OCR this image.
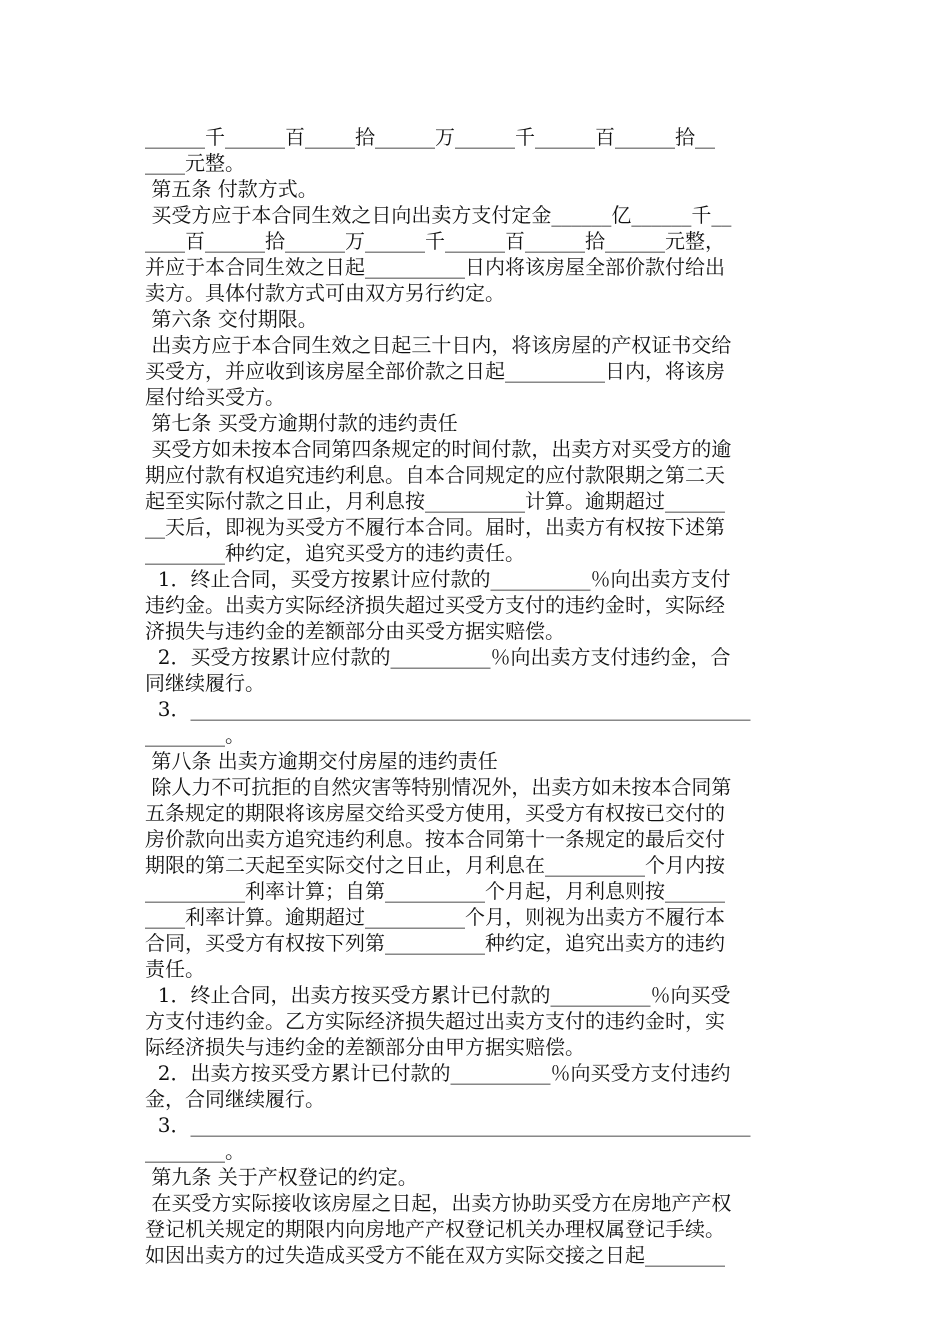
______千______百_____拾______万______千______百______拾__
____元整。
第五条 付款方式。
买受方应于本合同生效之日向出卖方支付定金______亿______千__
____百______拾______万______千______百______拾______元整，
并应于本合同生效之日起__________日内将该房屋全部价款付给出
卖方。具体付款方式可由双方另行约定。
第六条 交付期限。
出卖方应于本合同生效之日起三十日内，将该房屋的产权证书交给
买受方，并应收到该房屋全部价款之日起__________日内，将该房
屋付给买受方。
第七条 买受方逾期付款的违约责任
买受方如未按本合同第四条规定的时间付款，出卖方对买受方的逾
期应付款有权追究违约利息。自本合同规定的应付款限期之第二天
起至实际付款之日止，月利息按__________计算。逾期超过______
__天后，即视为买受方不履行本合同。届时，出卖方有权按下述第
________种约定，追究买受方的违约责任。
1．终止合同，买受方按累计应付款的__________％向出卖方支付
违约金。出卖方实际经济损失超过买受方支付的违约金时，实际经
济损失与违约金的差额部分由买受方据实赔偿。
2．买受方按累计应付款的__________％向出卖方支付违约金，合
同继续履行。
3．________________________________________________________
________。
第八条 出卖方逾期交付房屋的违约责任
除人力不可抗拒的自然灾害等特别情况外，出卖方如未按本合同第
五条规定的期限将该房屋交给买受方使用，买受方有权按已交付的
房价款向出卖方追究违约利息。按本合同第十一条规定的最后交付
期限的第二天起至实际交付之日止，月利息在__________个月内按
__________利率计算；自第__________个月起，月利息则按______
____利率计算。逾期超过__________个月，则视为出卖方不履行本
合同，买受方有权按下列第__________种约定，追究出卖方的违约
责任。
1．终止合同，出卖方按买受方累计已付款的__________％向买受
方支付违约金。乙方实际经济损失超过出卖方支付的违约金时，实
际经济损失与违约金的差额部分由甲方据实赔偿。
2．出卖方按买受方累计已付款的__________％向买受方支付违约
金，合同继续履行。
3．________________________________________________________
________。
第九条 关于产权登记的约定。
在买受方实际接收该房屋之日起，出卖方协助买受方在房地产产权
登记机关规定的期限内向房地产产权登记机关办理权属登记手续。
如因出卖方的过失造成买受方不能在双方实际交接之日起________
